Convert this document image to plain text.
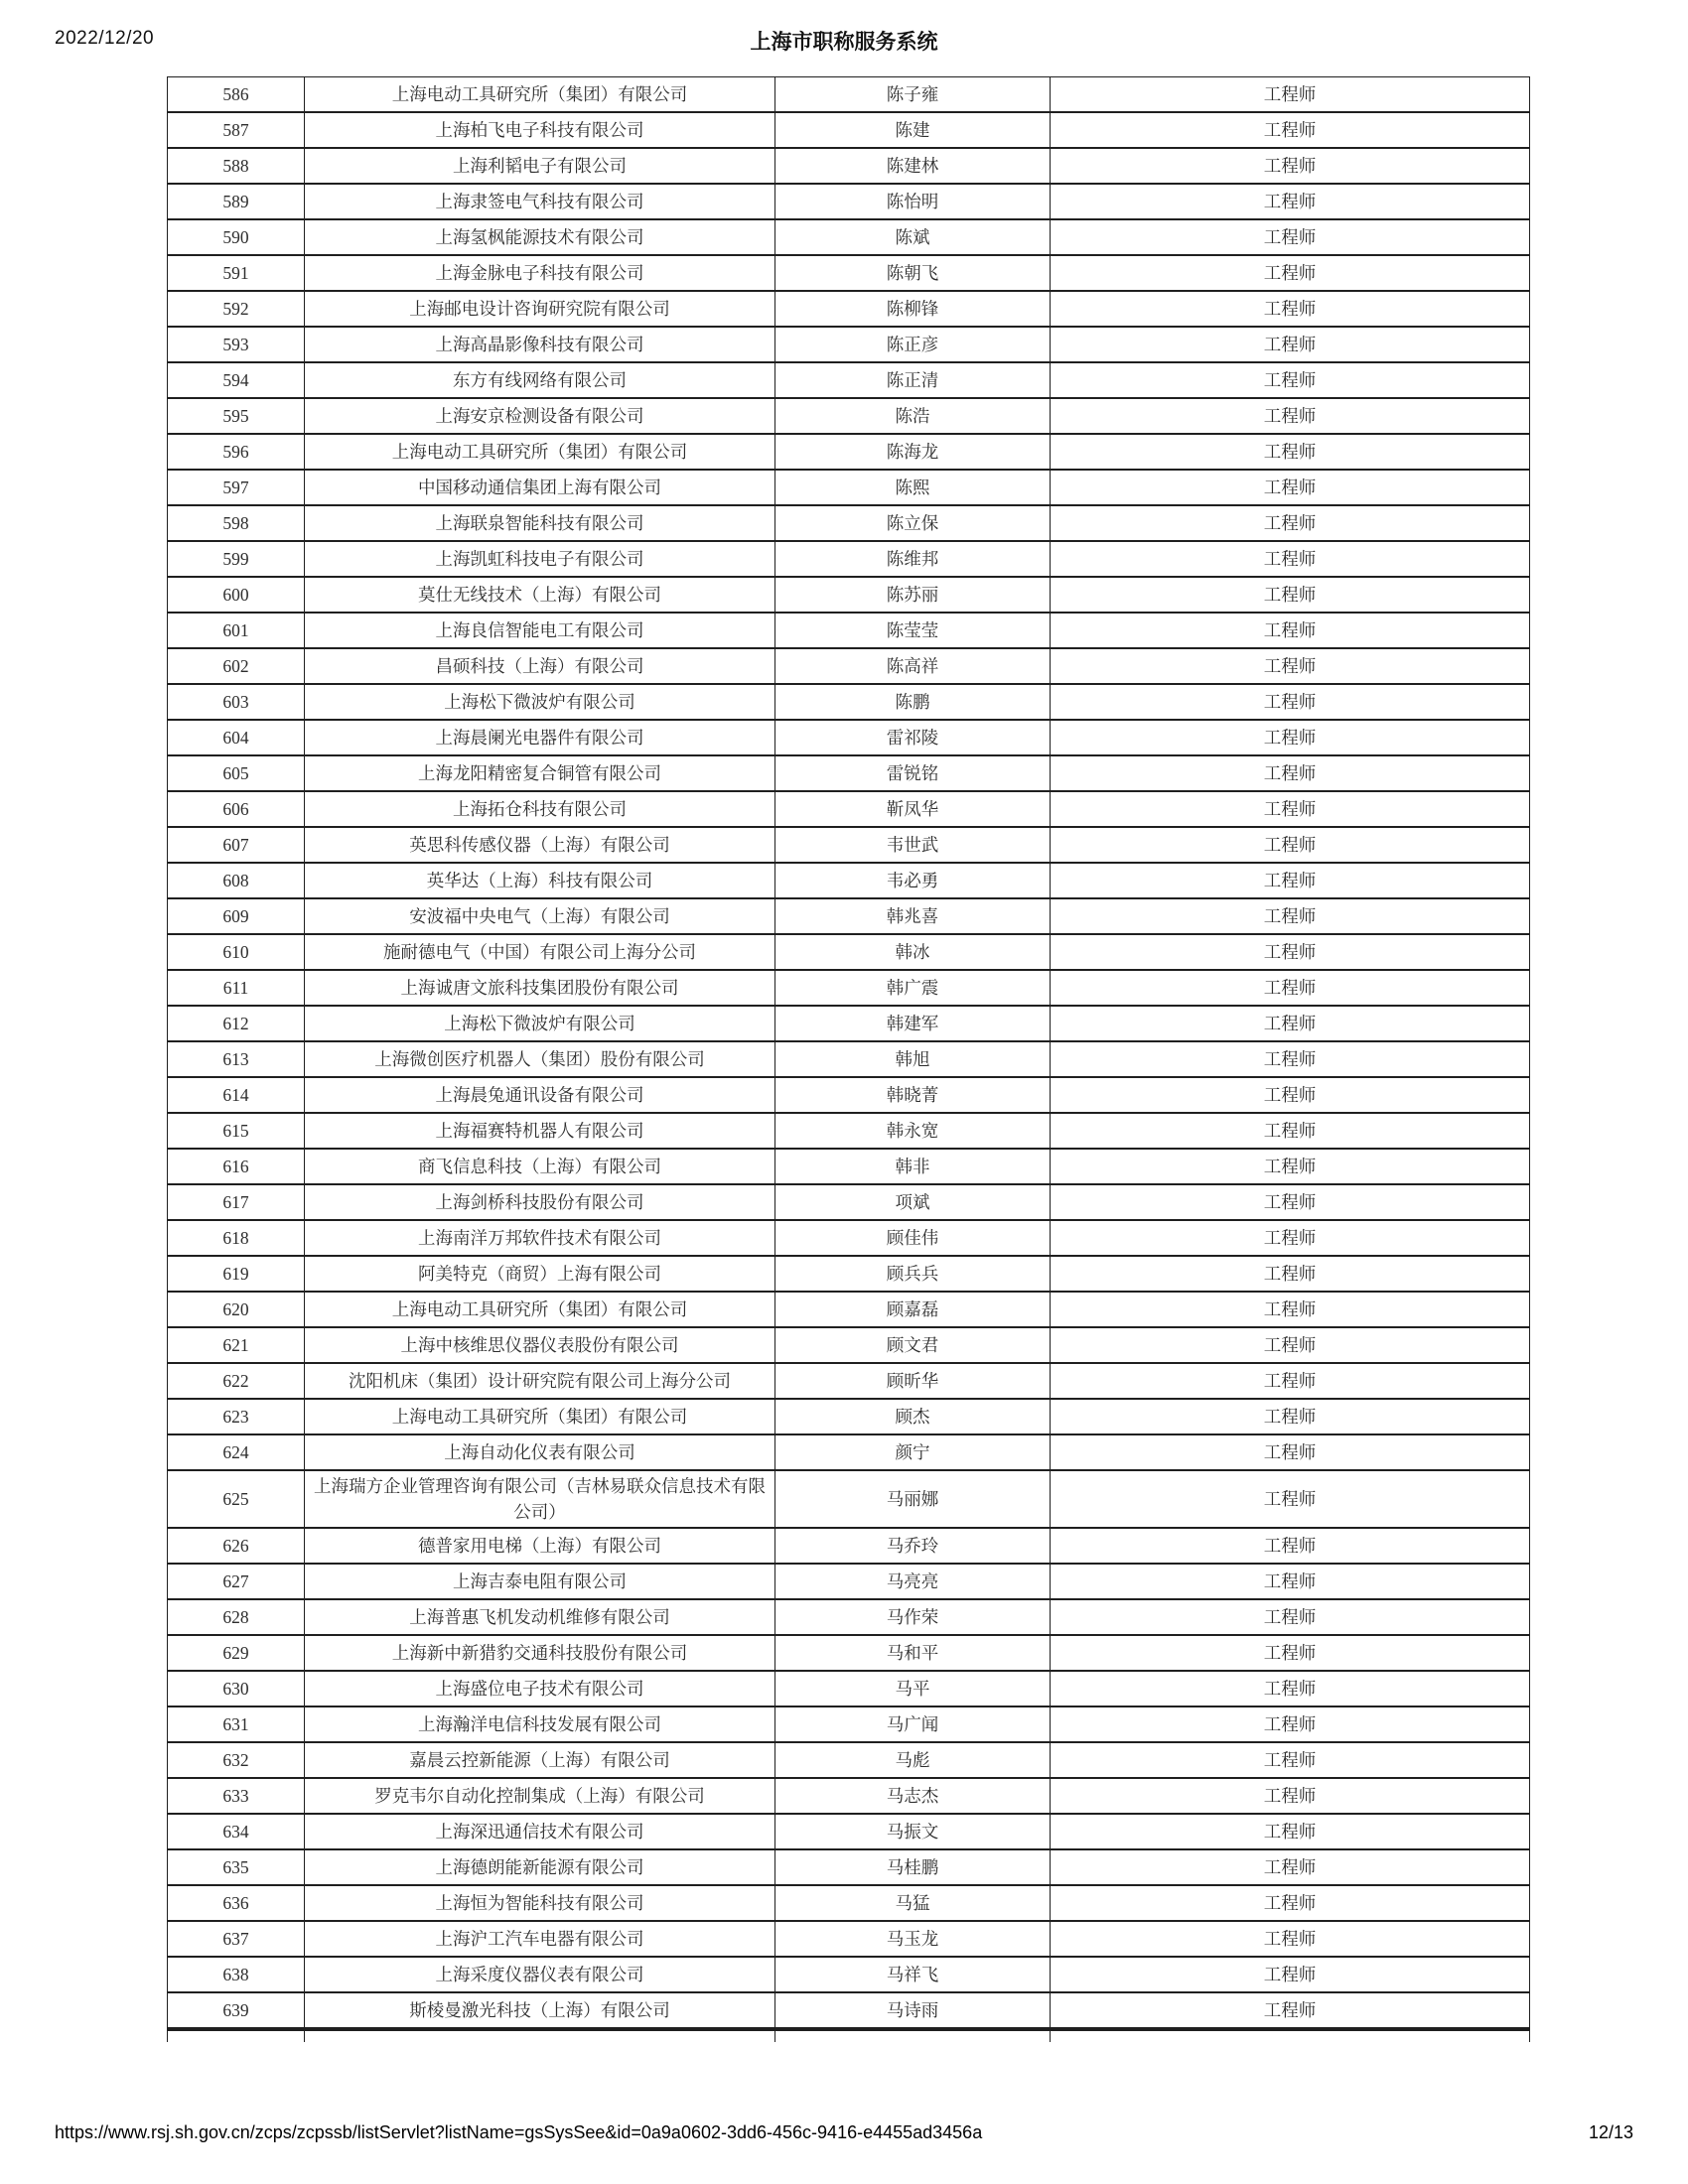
2022/12/20	上海市职称服务系统
586	上海电动工具研究所（集团）有限公司	陈子雍	工程师
587	上海柏飞电子科技有限公司	陈建	工程师
588	上海利韬电子有限公司	陈建林	工程师
589	上海隶签电气科技有限公司	陈怡明	工程师
590	上海氢枫能源技术有限公司	陈斌	工程师
591	上海金脉电子科技有限公司	陈朝飞	工程师
592	上海邮电设计咨询研究院有限公司	陈柳锋	工程师
593	上海高晶影像科技有限公司	陈正彦	工程师
594	东方有线网络有限公司	陈正清	工程师
595	上海安京检测设备有限公司	陈浩	工程师
596	上海电动工具研究所（集团）有限公司	陈海龙	工程师
597	中国移动通信集团上海有限公司	陈熙	工程师
598	上海联泉智能科技有限公司	陈立保	工程师
599	上海凯虹科技电子有限公司	陈维邦	工程师
600	莫仕无线技术（上海）有限公司	陈苏丽	工程师
601	上海良信智能电工有限公司	陈莹莹	工程师
602	昌硕科技（上海）有限公司	陈高祥	工程师
603	上海松下微波炉有限公司	陈鹏	工程师
604	上海晨阑光电器件有限公司	雷祁陵	工程师
605	上海龙阳精密复合铜管有限公司	雷锐铭	工程师
606	上海拓仓科技有限公司	靳凤华	工程师
607	英思科传感仪器（上海）有限公司	韦世武	工程师
608	英华达（上海）科技有限公司	韦必勇	工程师
609	安波福中央电气（上海）有限公司	韩兆喜	工程师
610	施耐德电气（中国）有限公司上海分公司	韩冰	工程师
611	上海诚唐文旅科技集团股份有限公司	韩广震	工程师
612	上海松下微波炉有限公司	韩建军	工程师
613	上海微创医疗机器人（集团）股份有限公司	韩旭	工程师
614	上海晨兔通讯设备有限公司	韩晓菁	工程师
615	上海福赛特机器人有限公司	韩永宽	工程师
616	商飞信息科技（上海）有限公司	韩非	工程师
617	上海剑桥科技股份有限公司	项斌	工程师
618	上海南洋万邦软件技术有限公司	顾佳伟	工程师
619	阿美特克（商贸）上海有限公司	顾兵兵	工程师
620	上海电动工具研究所（集团）有限公司	顾嘉磊	工程师
621	上海中核维思仪器仪表股份有限公司	顾文君	工程师
622	沈阳机床（集团）设计研究院有限公司上海分公司	顾昕华	工程师
623	上海电动工具研究所（集团）有限公司	顾杰	工程师
624	上海自动化仪表有限公司	颜宁	工程师
625	上海瑞方企业管理咨询有限公司（吉林易联众信息技术有限公司）	马丽娜	工程师
626	德普家用电梯（上海）有限公司	马乔玲	工程师
627	上海吉泰电阻有限公司	马亮亮	工程师
628	上海普惠飞机发动机维修有限公司	马作荣	工程师
629	上海新中新猎豹交通科技股份有限公司	马和平	工程师
630	上海盛位电子技术有限公司	马平	工程师
631	上海瀚洋电信科技发展有限公司	马广闻	工程师
632	嘉晨云控新能源（上海）有限公司	马彪	工程师
633	罗克韦尔自动化控制集成（上海）有限公司	马志杰	工程师
634	上海深迅通信技术有限公司	马振文	工程师
635	上海德朗能新能源有限公司	马桂鹏	工程师
636	上海恒为智能科技有限公司	马猛	工程师
637	上海沪工汽车电器有限公司	马玉龙	工程师
638	上海采度仪器仪表有限公司	马祥飞	工程师
639	斯棱曼激光科技（上海）有限公司	马诗雨	工程师

https://www.rsj.sh.gov.cn/zcps/zcpssb/listServlet?listName=gsSysSee&id=0a9a0602-3dd6-456c-9416-e4455ad3456a	12/13
